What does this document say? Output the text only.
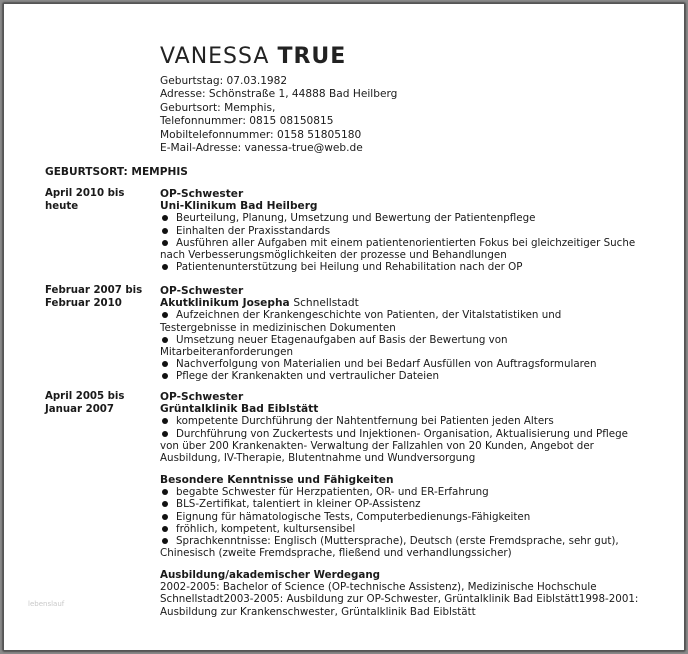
VANESSA TRUE
Geburtstag: 07.03.1982
Adresse: Schönstraße 1, 44888 Bad Heilberg
Geburtsort: Memphis,
Telefonnummer: 0815 08150815
Mobiltelefonnummer: 0158 51805180
E-Mail-Adresse: vanessa-true@web.de
GEBURTSORT: MEMPHIS
April 2010 bis heute
OP-Schwester
Uni-Klinikum Bad Heilberg
Beurteilung, Planung, Umsetzung und Bewertung der Patientenpflege
Einhalten der Praxisstandards
Ausführen aller Aufgaben mit einem patientenorientierten Fokus bei gleichzeitiger Suche nach Verbesserungsmöglichkeiten der prozesse und Behandlungen
Patientenunterstützung bei Heilung und Rehabilitation nach der OP
Februar 2007 bis Februar 2010
OP-Schwester
Akutklinikum Josepha Schnellstadt
Aufzeichnen der Krankengeschichte von Patienten, der Vitalstatistiken und Testergebnisse in medizinischen Dokumenten
Umsetzung neuer Etagenaufgaben auf Basis der Bewertung von Mitarbeiteranforderungen
Nachverfolgung von Materialien und bei Bedarf Ausfüllen von Auftragsformularen
Pflege der Krankenakten und vertraulicher Dateien
April 2005 bis Januar 2007
OP-Schwester
Grüntalklinik Bad Eiblstätt
kompetente Durchführung der Nahtentfernung bei Patienten jeden Alters
Durchführung von Zuckertests und Injektionen- Organisation, Aktualisierung und Pflege von über 200 Krankenakten- Verwaltung der Fallzahlen von 20 Kunden, Angebot der Ausbildung, IV-Therapie, Blutentnahme und Wundversorgung
Besondere Kenntnisse und Fähigkeiten
begabte Schwester für Herzpatienten, OR- und ER-Erfahrung
BLS-Zertifikat, talentiert in kleiner OP-Assistenz
Eignung für hämatologische Tests, Computerbedienungs-Fähigkeiten
fröhlich, kompetent, kultursensibel
Sprachkenntnisse: Englisch (Muttersprache), Deutsch (erste Fremdsprache, sehr gut), Chinesisch (zweite Fremdsprache, fließend und verhandlungssicher)
Ausbildung/akademischer Werdegang
2002-2005: Bachelor of Science (OP-technische Assistenz), Medizinische Hochschule
Schnellstadt2003-2005: Ausbildung zur OP-Schwester, Grüntalklinik Bad Eiblstätt1998-2001:
Ausbildung zur Krankenschwester, Grüntalklinik Bad Eiblstätt
lebenslauf
